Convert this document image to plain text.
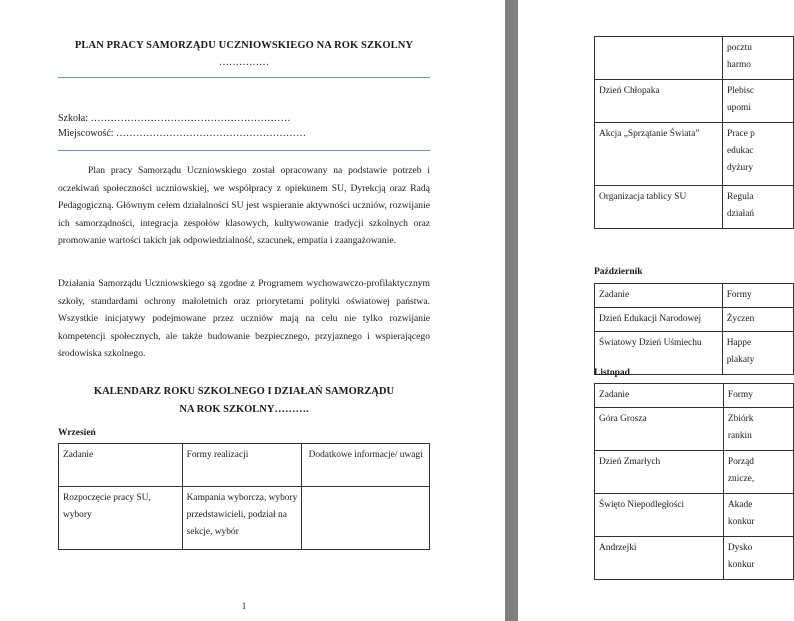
PLAN PRACY SAMORZĄDU UCZNIOWSKIEGO NA ROK SZKOLNY
……………
Szkoła: ……………………………………………………
Miejscowość: …………………………………………………
Plan pracy Samorządu Uczniowskiego został opracowany na podstawie potrzeb i oczekiwań społeczności uczniowskiej, we współpracy z opiekunem SU, Dyrekcją oraz Radą Pedagogiczną. Głównym celem działalności SU jest wspieranie aktywności uczniów, rozwijanie ich samorządności, integracja zespołów klasowych, kultywowanie tradycji szkolnych oraz promowanie wartości takich jak odpowiedzialność, szacunek, empatia i zaangażowanie.
Działania Samorządu Uczniowskiego są zgodne z Programem wychowawczo-profilaktycznym szkoły, standardami ochrony małoletnich oraz priorytetami polityki oświatowej państwa. Wszystkie inicjatywy podejmowane przez uczniów mają na celu nie tylko rozwijanie kompetencji społecznych, ale także budowanie bezpiecznego, przyjaznego i wspierającego środowiska szkolnego.
KALENDARZ ROKU SZKOLNEGO I DZIAŁAŃ SAMORZĄDU
NA ROK SZKOLNY……….
Wrzesień
Zadanie	Formy realizacji	Dodatkowe informacje/ uwagi
Rozpoczęcie pracy SU, wybory	Kampania wyborcza, wybory przedstawicieli, podział na sekcje, wybór	
1
	pocztu
harmo
Dzień Chłopaka	Plebisc
upomi
Akcja „Sprzątanie Świata”	Prace p
edukac
dyżury
Organizacja tablicy SU	Regula
działań
Październik
Zadanie	Formy
Dzień Edukacji Narodowej	Życzen
Światowy Dzień Uśmiechu	Happe
plakaty
Listopad
Zadanie	Formy
Góra Grosza	Zbiórk
rankin
Dzień Zmarłych	Porząd
znicze,
Święto Niepodległości	Akade
konkur
Andrzejki	Dysko
konkur
